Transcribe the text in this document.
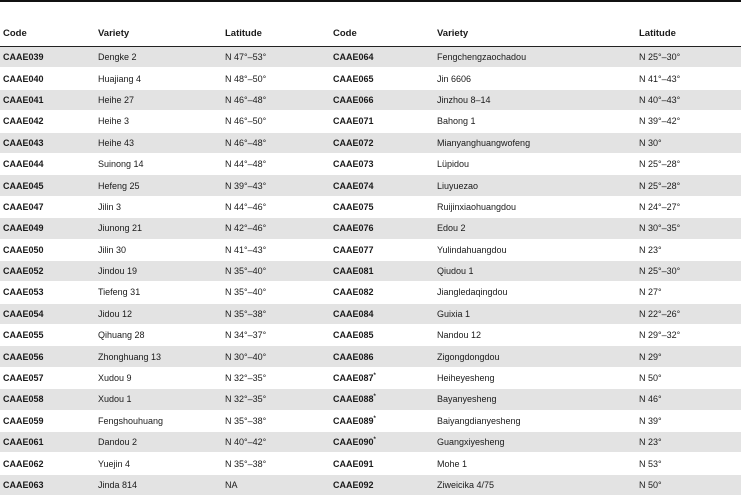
Code	Variety	Latitude	Code	Variety	Latitude
CAAE039	Dengke 2	N 47°–53°	CAAE064	Fengchengzaochadou	N 25°–30°
CAAE040	Huajiang 4	N 48°–50°	CAAE065	Jin 6606	N 41°–43°
CAAE041	Heihe 27	N 46°–48°	CAAE066	Jinzhou 8–14	N 40°–43°
CAAE042	Heihe 3	N 46°–50°	CAAE071	Bahong 1	N 39°–42°
CAAE043	Heihe 43	N 46°–48°	CAAE072	Mianyanghuangwofeng	N 30°
CAAE044	Suinong 14	N 44°–48°	CAAE073	Lüpidou	N 25°–28°
CAAE045	Hefeng 25	N 39°–43°	CAAE074	Liuyuezao	N 25°–28°
CAAE047	Jilin 3	N 44°–46°	CAAE075	Ruijinxiaohuangdou	N 24°–27°
CAAE049	Jiunong 21	N 42°–46°	CAAE076	Edou 2	N 30°–35°
CAAE050	Jilin 30	N 41°–43°	CAAE077	Yulindahuangdou	N 23°
CAAE052	Jindou 19	N 35°–40°	CAAE081	Qiudou 1	N 25°–30°
CAAE053	Tiefeng 31	N 35°–40°	CAAE082	Jiangledaqingdou	N 27°
CAAE054	Jidou 12	N 35°–38°	CAAE084	Guixia 1	N 22°–26°
CAAE055	Qihuang 28	N 34°–37°	CAAE085	Nandou 12	N 29°–32°
CAAE056	Zhonghuang 13	N 30°–40°	CAAE086	Zigongdongdou	N 29°
CAAE057	Xudou 9	N 32°–35°	CAAE087*	Heiheyesheng	N 50°
CAAE058	Xudou 1	N 32°–35°	CAAE088*	Bayanyesheng	N 46°
CAAE059	Fengshouhuang	N 35°–38°	CAAE089*	Baiyangdianyesheng	N 39°
CAAE061	Dandou 2	N 40°–42°	CAAE090*	Guangxiyesheng	N 23°
CAAE062	Yuejin 4	N 35°–38°	CAAE091	Mohe 1	N 53°
CAAE063	Jinda 814	NA	CAAE092	Ziweicika 4/75	N 50°
